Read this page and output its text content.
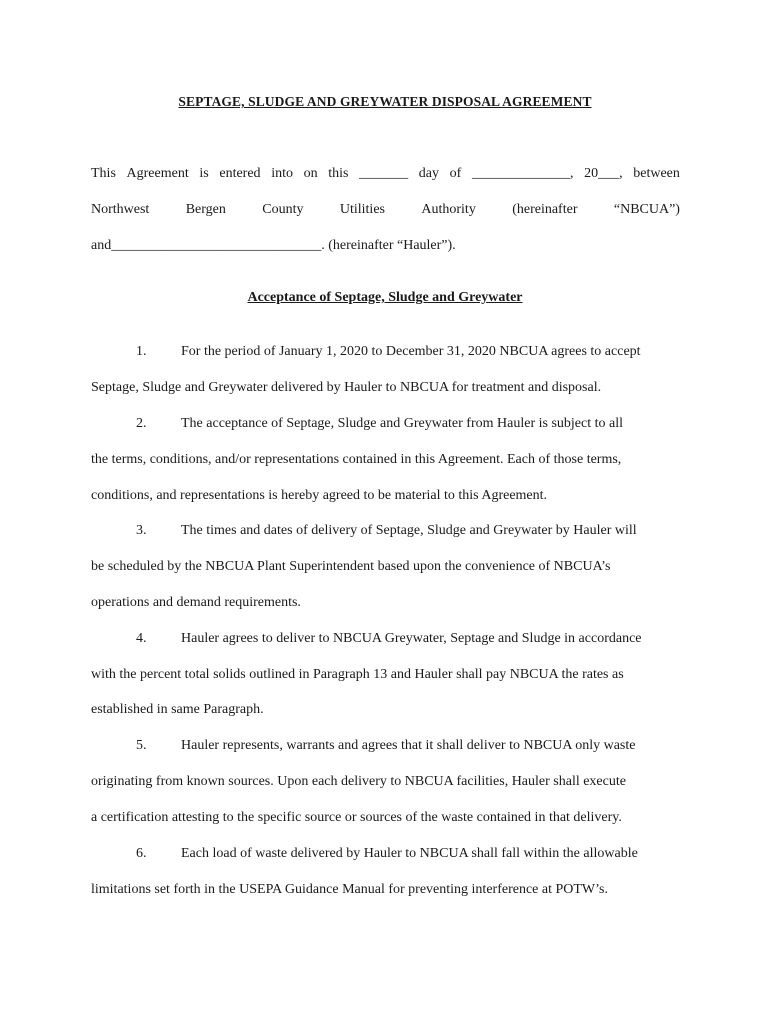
SEPTAGE, SLUDGE AND GREYWATER DISPOSAL AGREEMENT
This Agreement is entered into on this _______ day of ______________, 20___, between
Northwest	Bergen	County	Utilities	Authority	(hereinafter	“NBCUA”)
and______________________________. (hereinafter “Hauler”).
Acceptance of Septage, Sludge and Greywater
1. For the period of January 1, 2020 to December 31, 2020 NBCUA agrees to accept
Septage, Sludge and Greywater delivered by Hauler to NBCUA for treatment and disposal.
2. The acceptance of Septage, Sludge and Greywater from Hauler is subject to all
the terms, conditions, and/or representations contained in this Agreement. Each of those terms,
conditions, and representations is hereby agreed to be material to this Agreement.
3. The times and dates of delivery of Septage, Sludge and Greywater by Hauler will
be scheduled by the NBCUA Plant Superintendent based upon the convenience of NBCUA’s
operations and demand requirements.
4. Hauler agrees to deliver to NBCUA Greywater, Septage and Sludge in accordance
with the percent total solids outlined in Paragraph 13 and Hauler shall pay NBCUA the rates as
established in same Paragraph.
5. Hauler represents, warrants and agrees that it shall deliver to NBCUA only waste
originating from known sources. Upon each delivery to NBCUA facilities, Hauler shall execute
a certification attesting to the specific source or sources of the waste contained in that delivery.
6. Each load of waste delivered by Hauler to NBCUA shall fall within the allowable
limitations set forth in the USEPA Guidance Manual for preventing interference at POTW’s.
